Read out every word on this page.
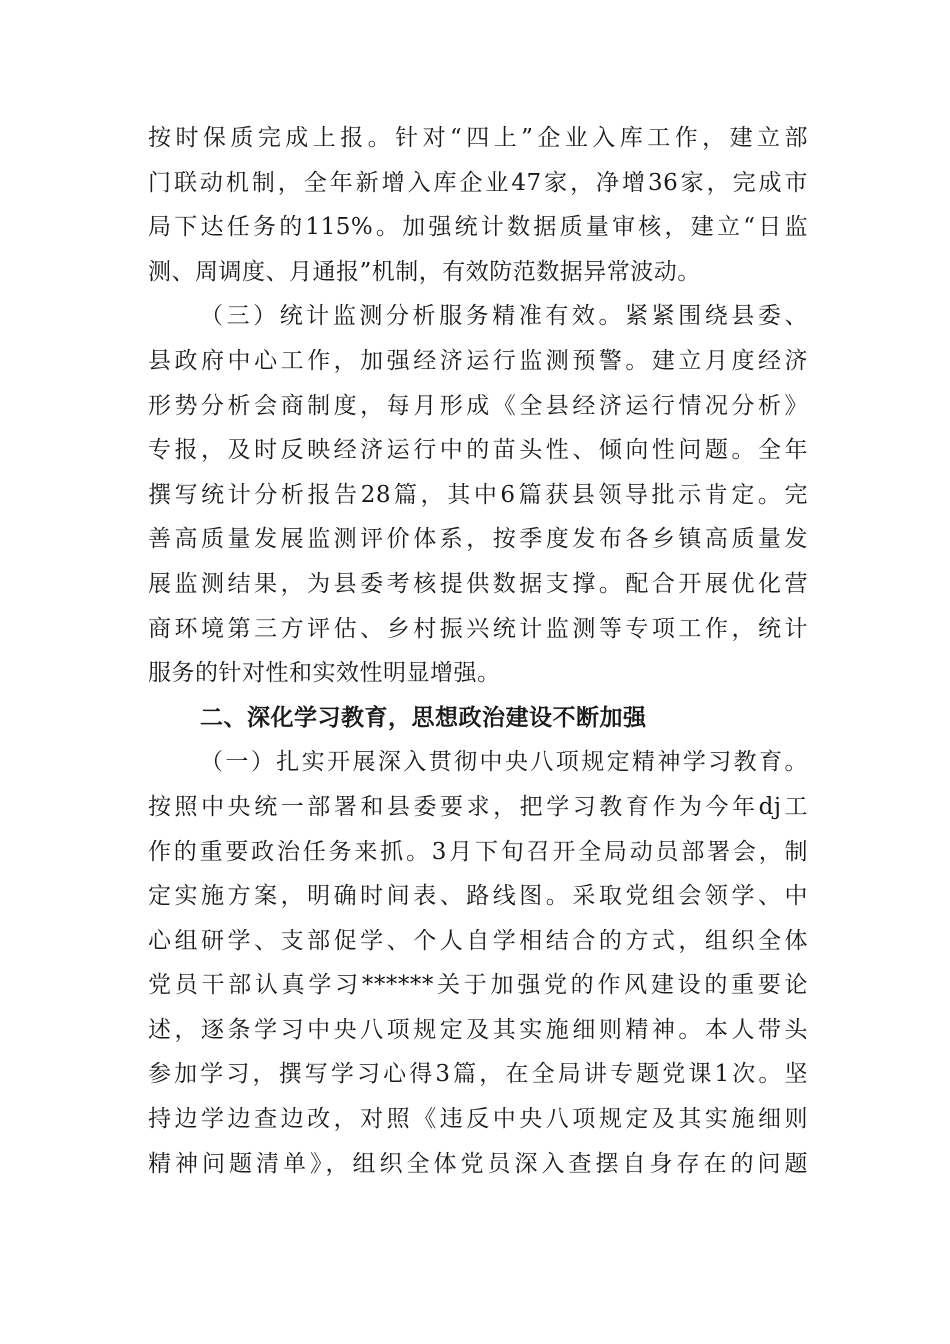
按时保质完成上报。针对“四上”企业入库工作，建立部
门联动机制，全年新增入库企业47家，净增36家，完成市
局下达任务的115%。加强统计数据质量审核，建立“日监
测、周调度、月通报”机制，有效防范数据异常波动。
（三）统计监测分析服务精准有效。紧紧围绕县委、
县政府中心工作，加强经济运行监测预警。建立月度经济
形势分析会商制度，每月形成《全县经济运行情况分析》
专报，及时反映经济运行中的苗头性、倾向性问题。全年
撰写统计分析报告28篇，其中6篇获县领导批示肯定。完
善高质量发展监测评价体系，按季度发布各乡镇高质量发
展监测结果，为县委考核提供数据支撑。配合开展优化营
商环境第三方评估、乡村振兴统计监测等专项工作，统计
服务的针对性和实效性明显增强。
二、深化学习教育，思想政治建设不断加强
（一）扎实开展深入贯彻中央八项规定精神学习教育。
按照中央统一部署和县委要求，把学习教育作为今年dj工
作的重要政治任务来抓。3月下旬召开全局动员部署会，制
定实施方案，明确时间表、路线图。采取党组会领学、中
心组研学、支部促学、个人自学相结合的方式，组织全体
党员干部认真学习******关于加强党的作风建设的重要论
述，逐条学习中央八项规定及其实施细则精神。本人带头
参加学习，撰写学习心得3篇，在全局讲专题党课1次。坚
持边学边查边改，对照《违反中央八项规定及其实施细则
精神问题清单》，组织全体党员深入查摆自身存在的问题
